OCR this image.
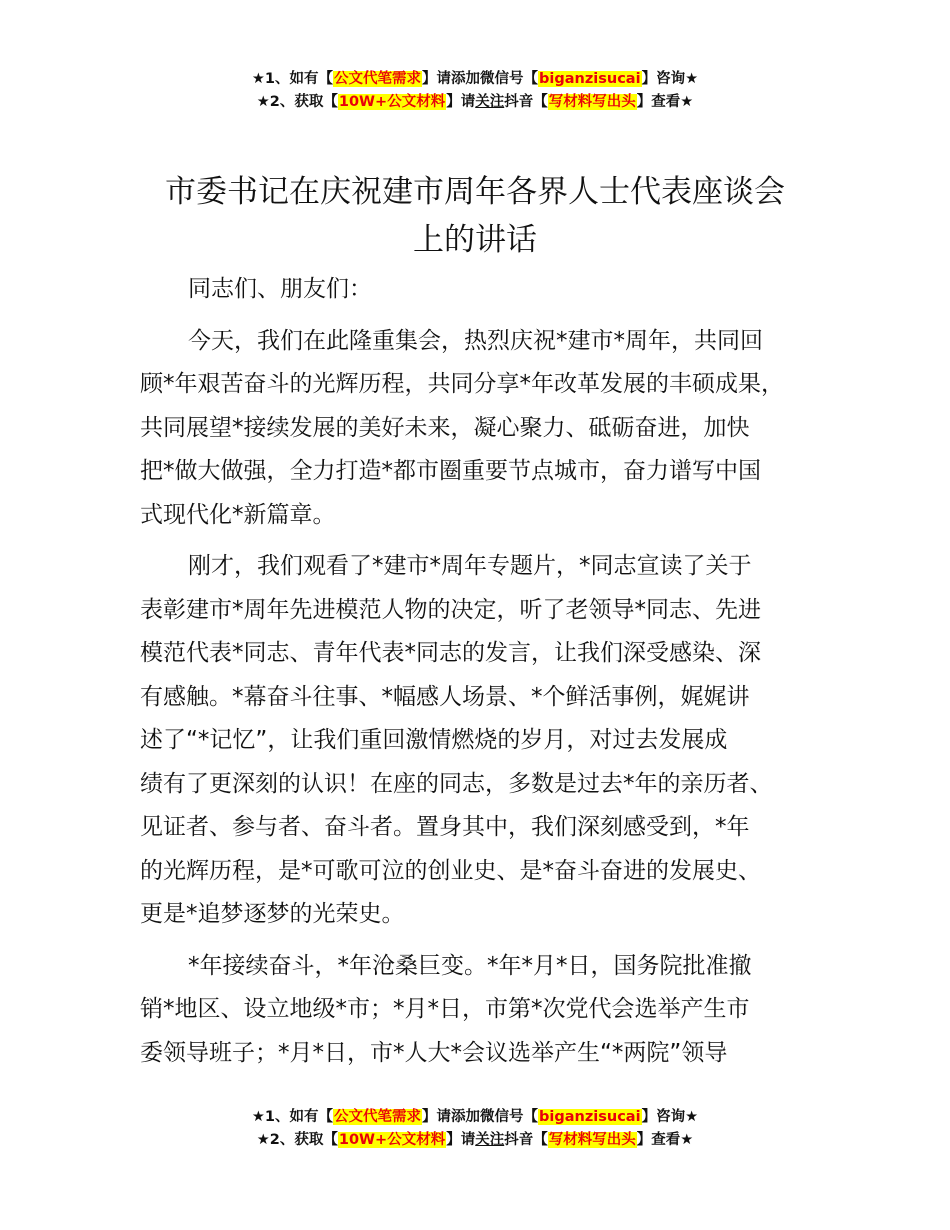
★1、如有【公文代笔需求】请添加微信号【biganzisucai】咨询★
★2、获取【10W+公文材料】请关注抖音【写材料写出头】查看★
市委书记在庆祝建市周年各界人士代表座谈会
上的讲话

同志们、朋友们：

今天，我们在此隆重集会，热烈庆祝*建市*周年，共同回
顾*年艰苦奋斗的光辉历程，共同分享*年改革发展的丰硕成果，
共同展望*接续发展的美好未来，凝心聚力、砥砺奋进，加快
把*做大做强，全力打造*都市圈重要节点城市，奋力谱写中国
式现代化*新篇章。

刚才，我们观看了*建市*周年专题片，*同志宣读了关于
表彰建市*周年先进模范人物的决定，听了老领导*同志、先进
模范代表*同志、青年代表*同志的发言，让我们深受感染、深
有感触。*幕奋斗往事、*幅感人场景、*个鲜活事例，娓娓讲
述了“*记忆”，让我们重回激情燃烧的岁月，对过去发展成
绩有了更深刻的认识！在座的同志，多数是过去*年的亲历者、
见证者、参与者、奋斗者。置身其中，我们深刻感受到，*年
的光辉历程，是*可歌可泣的创业史、是*奋斗奋进的发展史、
更是*追梦逐梦的光荣史。

*年接续奋斗，*年沧桑巨变。*年*月*日，国务院批准撤
销*地区、设立地级*市；*月*日，市第*次党代会选举产生市
委领导班子；*月*日，市*人大*会议选举产生“*两院”领导

★1、如有【公文代笔需求】请添加微信号【biganzisucai】咨询★
★2、获取【10W+公文材料】请关注抖音【写材料写出头】查看★
